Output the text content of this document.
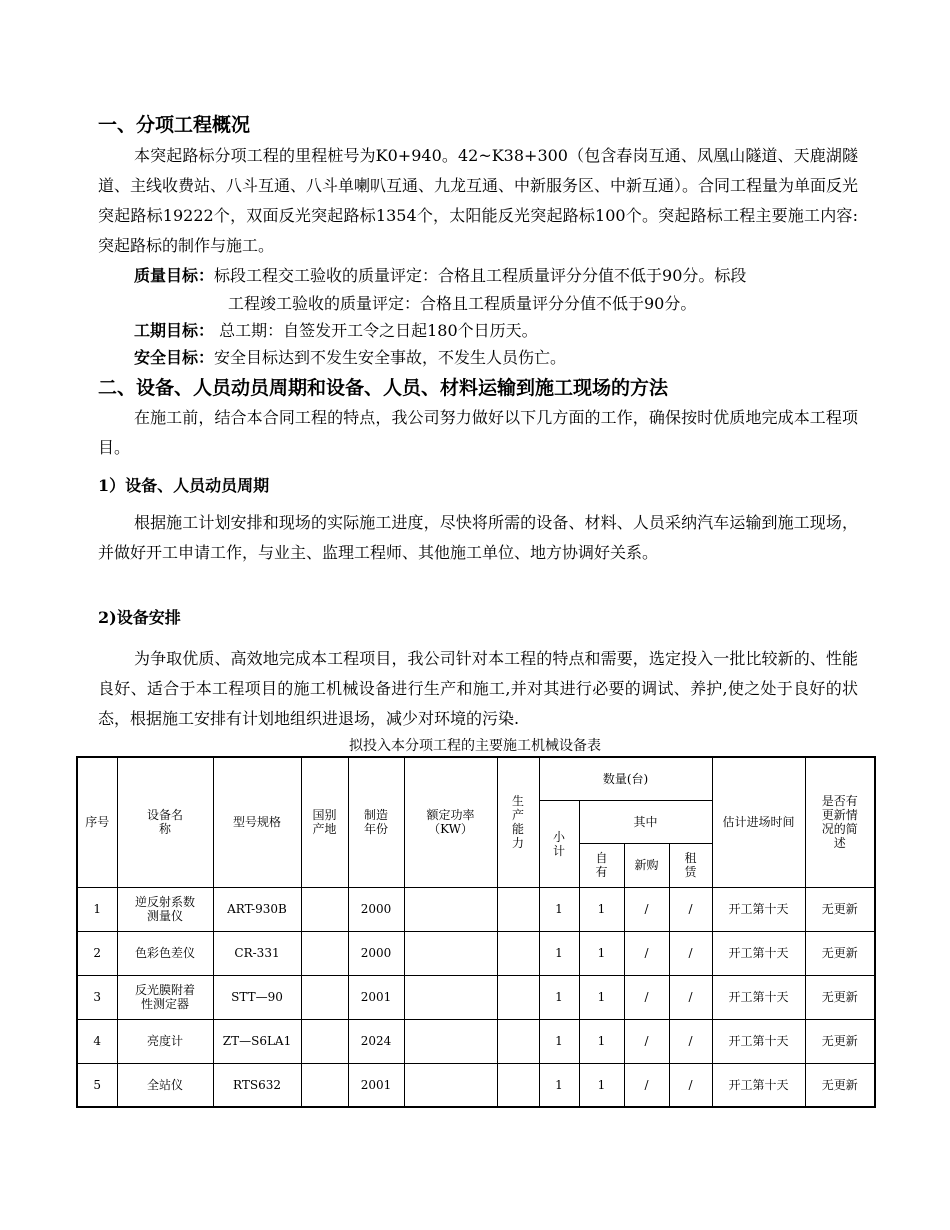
一、分项工程概况
本突起路标分项工程的里程桩号为K0+940。42~K38+300（包含春岗互通、凤凰山隧道、天鹿湖隧道、主线收费站、八斗互通、八斗单喇叭互通、九龙互通、中新服务区、中新互通）。合同工程量为单面反光突起路标19222个，双面反光突起路标1354个，太阳能反光突起路标100个。突起路标工程主要施工内容: 突起路标的制作与施工。
质量目标：标段工程交工验收的质量评定：合格且工程质量评分分值不低于90分。标段
工程竣工验收的质量评定：合格且工程质量评分分值不低于90分。
工期目标： 总工期：自签发开工令之日起180个日历天。
安全目标：安全目标达到不发生安全事故，不发生人员伤亡。
二、设备、人员动员周期和设备、人员、材料运输到施工现场的方法
在施工前，结合本合同工程的特点，我公司努力做好以下几方面的工作，确保按时优质地完成本工程项目。
1）设备、人员动员周期
根据施工计划安排和现场的实际施工进度，尽快将所需的设备、材料、人员采纳汽车运输到施工现场，并做好开工申请工作，与业主、监理工程师、其他施工单位、地方协调好关系。
2)设备安排
为争取优质、高效地完成本工程项目，我公司针对本工程的特点和需要，选定投入一批比较新的、性能良好、适合于本工程项目的施工机械设备进行生产和施工,并对其进行必要的调试、养护,使之处于良好的状态，根据施工安排有计划地组织进退场，减少对环境的污染.
拟投入本分项工程的主要施工机械设备表
序号	设备名称	型号规格	国别产地	制造年份	额定功率（KW）	生产能力	数量(台)				估计进场时间	是否有更新情况的简述
							小计	其中				
								自有	新购	租赁		
1	逆反射系数测量仪	ART-930B		2000			1	1	/	/	开工第十天	无更新
2	色彩色差仪	CR-331		2000			1	1	/	/	开工第十天	无更新
3	反光膜附着性测定器	STT—90		2001			1	1	/	/	开工第十天	无更新
4	亮度计	ZT—S6LA1		2024			1	1	/	/	开工第十天	无更新
5	全站仪	RTS632		2001			1	1	/	/	开工第十天	无更新
